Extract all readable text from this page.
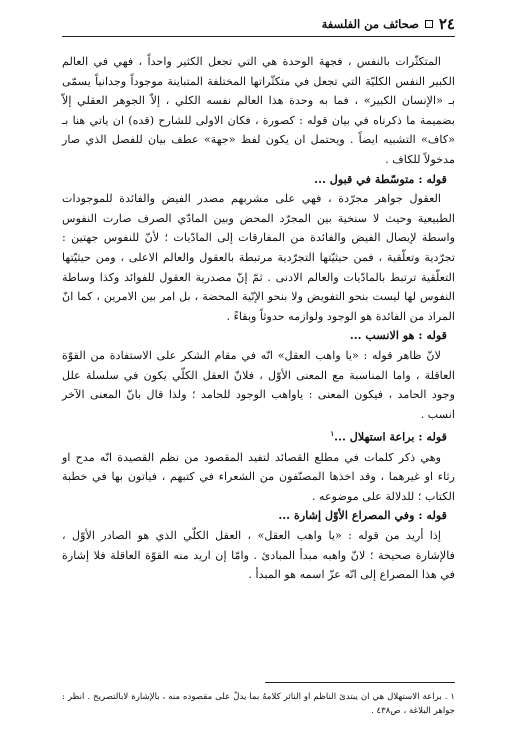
٢٤
صحائف من الفلسفة

المتكثّرات بالنفس ، فجهة الوحدة هي التي تجعل الكثير واحداً ، فهي في العالم الكبير النفس الكليّة التي تجعل في متكثّراتها المختلفة المتباينة موجوداً وجدانياً يسمّى بـ «الإنسان الكبير» ، فما به وحدة هذا العالم نفسه الكلي ، إلاّ الجوهر العقلي إلاّ بضميمة ما ذكرناه في بيان قوله : كصورة ، فكان الاولى للشارح (قده) ان ياتي هنا بـ «كاف» التشبيه ايضاً . ويحتمل ان يكون لفظ «جهة» عطف بيان للفصل الذي صار مدخولاً للكاف .

قوله : متوسّطة في قبول ...

العقول جواهر مجرّدة ، فهي على مشربهم مصدر الفيض والفائدة للموجودات الطبيعية وحيث لا سنخية بين المجرّد المحض وبين المادّي الصرف صارت النفوس واسطة لإيصال الفيض والفائدة من المفارقات إلى المادّيات ؛ لأنّ للنفوس جهتين : تجرّدية وتعلّقية ، فمن حيثيّتها التجرّدية مرتبطة بالعقول والعالم الاعلى ، ومن حيثيّتها التعلّقية ترتبط بالمادّيات والعالم الادنى . ثمّ إنّ مصدرية العقول للفوائد وكذا وساطة النفوس لها ليست بنحو التفويض ولا بنحو الإنّية المحضة ، بل امر بين الامرين ، كما انّ المراد من الفائدة هو الوجود ولوازمه حدوثاً وبقاءً .

قوله : هو الانسب ...

لانّ ظاهر قوله : «يا واهب العقل» انّه في مقام الشكر على الاستفادة من القوّة العاقلة ، واما المناسبة مع المعنى الأوّل ، فلانّ العقل الكلّي يكون في سلسلة علل وجود الحامد ، فيكون المعنى : ياواهب الوجود للحامد ؛ ولذا قال بانّ المعنى الآخر انسب .

قوله : براعة استهلال ...$^١$

وهي ذكر كلمات في مطلع القصائد لتفيد المقصود من نظم القصيدة انّه مدح او رثاء او غيرهما ، وقد اخذها المصنّفون من الشعراء في كتبهم ، فياتون بها في خطبة الكتاب ؛ للدلالة على موضوعه .

قوله : وفي المصراع الأوّل إشارة ...

إذا أريد من قوله : «يا واهب العقل» ، العقل الكلّي الذي هو الصادر الأوّل ، فالإشارة صحيحة ؛ لانّ واهبه مبدأ المبادئ . وامّا إن اريد منه القوّة العاقلة فلا إشارة في هذا المصراع إلى انّه عزّ اسمه هو المبدأ .

١ . براعة الاستهلال هي ان يبتدئ الناظم او الناثر كلامهُ بما يدلّ على مقصوده منه ، بالإشارة لابالتصريح . انظر : جواهر البلاغة ، ص٤٣٨ .
